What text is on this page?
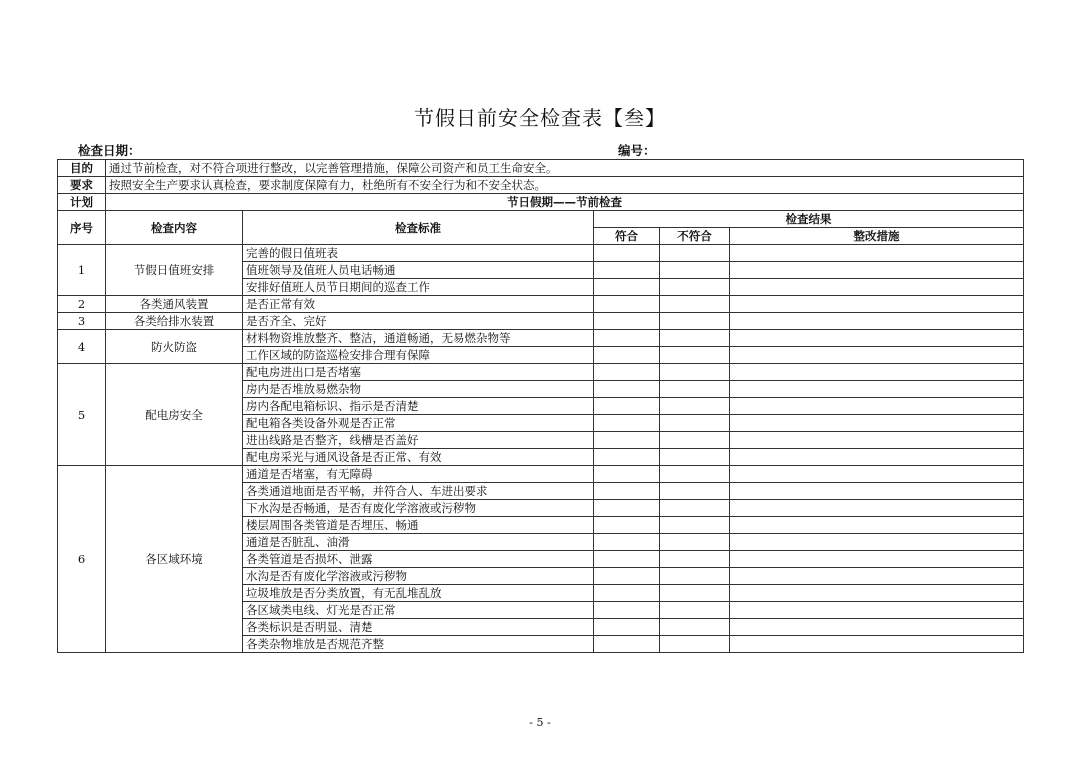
节假日前安全检查表【叁】
检查日期：	编号：
目的	通过节前检查，对不符合项进行整改，以完善管理措施，保障公司资产和员工生命安全。				
要求	按照安全生产要求认真检查，要求制度保障有力，杜绝所有不安全行为和不安全状态。				
计划	节日假期——节前检查				
序号	检查内容	检查标准	检查结果		
			符合	不符合	整改措施
1	节假日值班安排	完善的假日值班表			
		值班领导及值班人员电话畅通			
		安排好值班人员节日期间的巡查工作			
2	各类通风装置	是否正常有效			
3	各类给排水装置	是否齐全、完好			
4	防火防盗	材料物资堆放整齐、整洁，通道畅通，无易燃杂物等			
		工作区域的防盗巡检安排合理有保障			
5	配电房安全	配电房进出口是否堵塞			
		房内是否堆放易燃杂物			
		房内各配电箱标识、指示是否清楚			
		配电箱各类设备外观是否正常			
		进出线路是否整齐，线槽是否盖好			
		配电房采光与通风设备是否正常、有效			
6	各区域环境	通道是否堵塞，有无障碍			
		各类通道地面是否平畅，并符合人、车进出要求			
		下水沟是否畅通，是否有废化学溶液或污秽物			
		楼层周围各类管道是否埋压、畅通			
		通道是否脏乱、油滑			
		各类管道是否损坏、泄露			
		水沟是否有废化学溶液或污秽物			
		垃圾堆放是否分类放置，有无乱堆乱放			
		各区域类电线、灯光是否正常			
		各类标识是否明显、清楚			
		各类杂物堆放是否规范齐整			
- 5 -
